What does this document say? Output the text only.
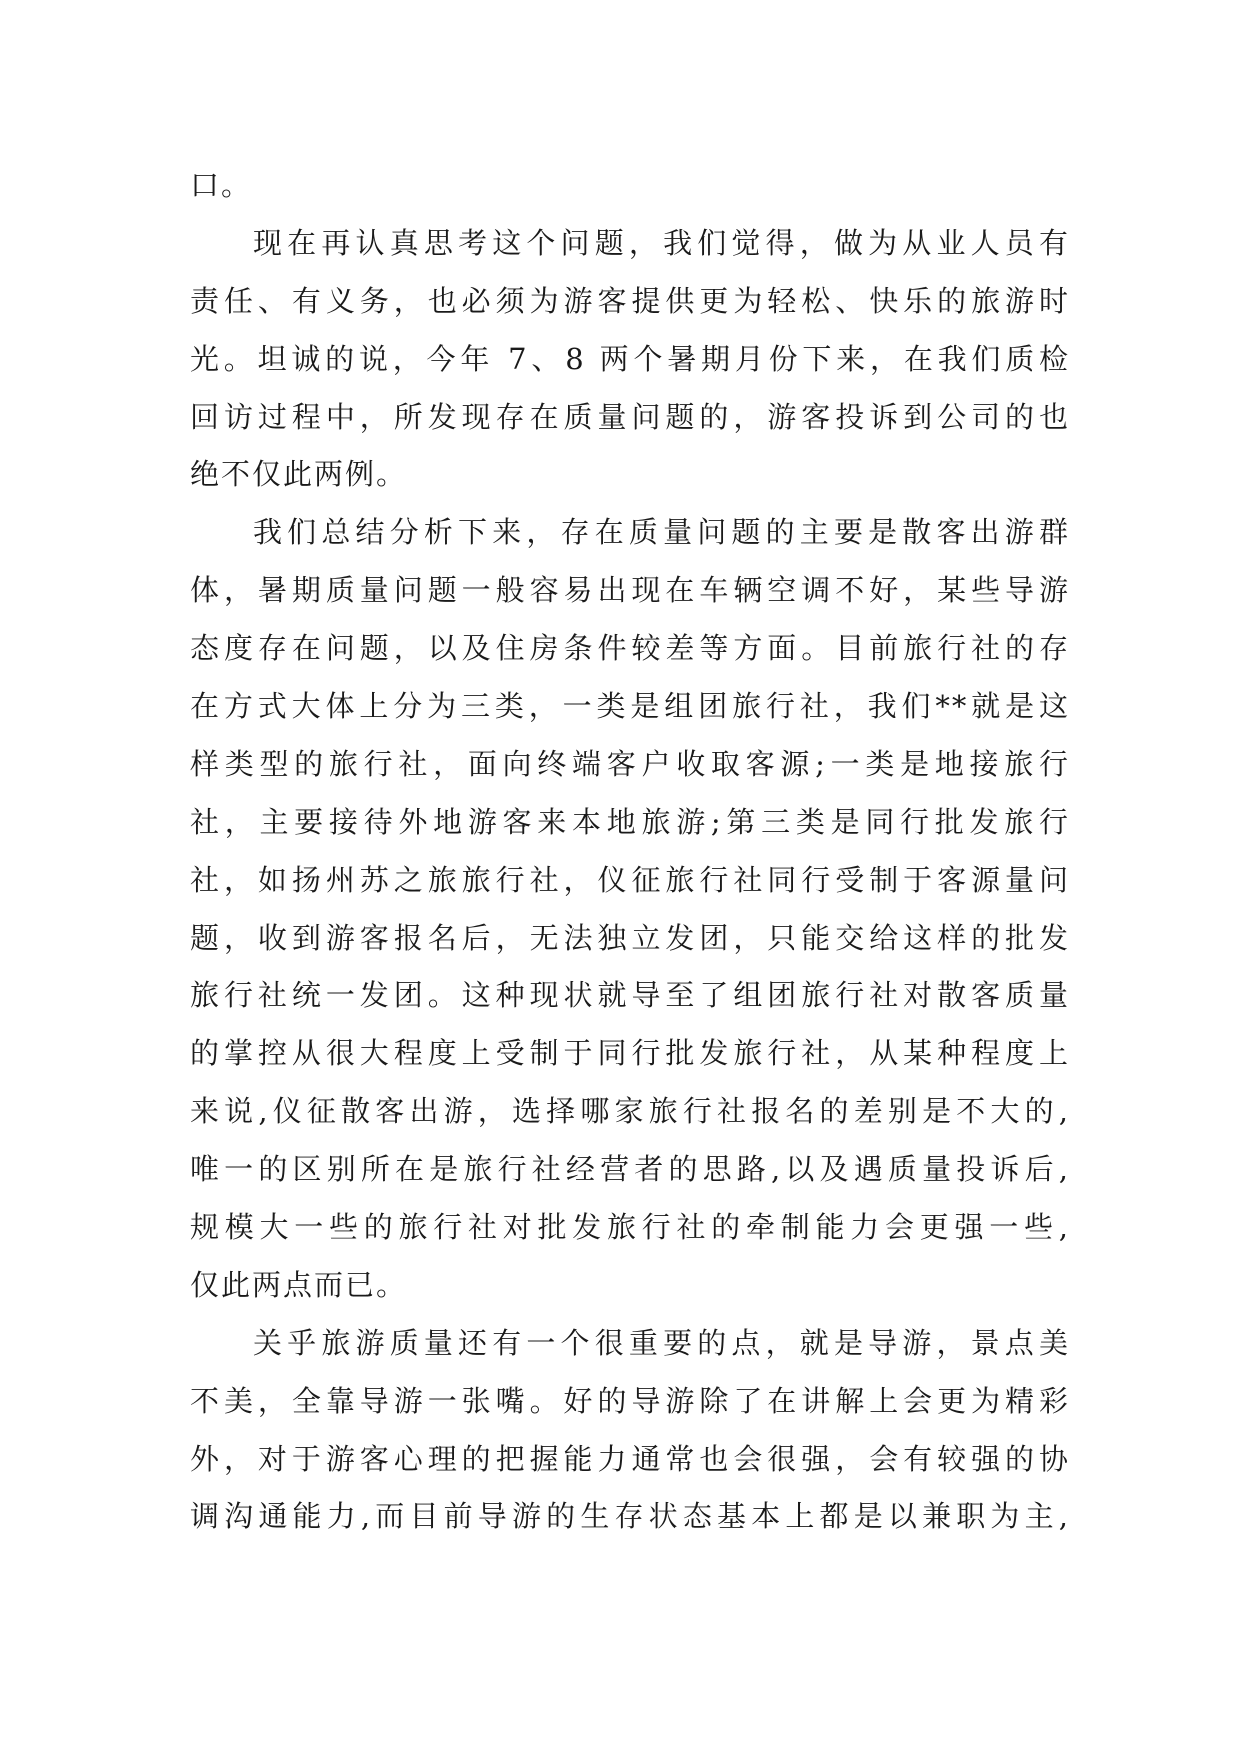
口。
现在再认真思考这个问题，我们觉得，做为从业人员有
责任、有义务，也必须为游客提供更为轻松、快乐的旅游时
光。坦诚的说，今年 7、8 两个暑期月份下来，在我们质检
回访过程中，所发现存在质量问题的，游客投诉到公司的也
绝不仅此两例。
我们总结分析下来，存在质量问题的主要是散客出游群
体，暑期质量问题一般容易出现在车辆空调不好，某些导游
态度存在问题，以及住房条件较差等方面。目前旅行社的存
在方式大体上分为三类，一类是组团旅行社，我们**就是这
样类型的旅行社，面向终端客户收取客源;一类是地接旅行
社，主要接待外地游客来本地旅游;第三类是同行批发旅行
社，如扬州苏之旅旅行社，仪征旅行社同行受制于客源量问
题，收到游客报名后，无法独立发团，只能交给这样的批发
旅行社统一发团。这种现状就导至了组团旅行社对散客质量
的掌控从很大程度上受制于同行批发旅行社，从某种程度上
来说,仪征散客出游，选择哪家旅行社报名的差别是不大的,
唯一的区别所在是旅行社经营者的思路,以及遇质量投诉后,
规模大一些的旅行社对批发旅行社的牵制能力会更强一些,
仅此两点而已。
关乎旅游质量还有一个很重要的点，就是导游，景点美
不美，全靠导游一张嘴。好的导游除了在讲解上会更为精彩
外，对于游客心理的把握能力通常也会很强，会有较强的协
调沟通能力,而目前导游的生存状态基本上都是以兼职为主,
